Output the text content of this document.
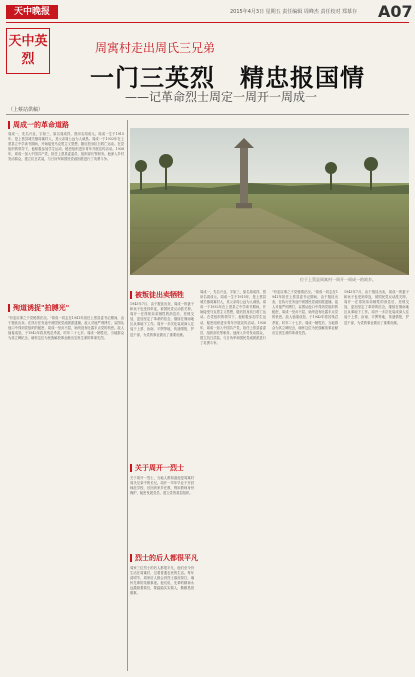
天中晚报	2015年4月3日 星期五 责任编辑 周峰杰 责任校对 郑慕存 A07
天中英烈
周寓村走出周氏三兄弟
一门三英烈　精忠报国情
——记革命烈士周定一周开一周成一
（上蔡站供稿）
周成一的革命道路
周成一，先名兴业，字如三，原名周成祥，曾用名周成元。周成一生于1915年，是上蔡县城关镇周寓村人，其父亲周公远为人诚恳。周成一于1932年在上蔡县立中学读书期间，开始接受马克思主义思想，随后投身抗日救亡运动。在党组织的领导下，他积极参加学生运动，秘密组织进步青年开展宣传活动。1938年，周成一加入中国共产党，担任上蔡县委委员、组织部长等职务。他深入乡村发动群众，建立抗日武装，与日伪军和国民党顽固派进行了英勇斗争。
殉道诱捉"拍膊光"
"有忠臣事之于党秘情法况。"周成一同志在1941年担任上蔡县委书记期间，由于叛徒出卖，在执行任务途中被国民党顽固派逮捕。敌人对他严刑拷打，妄图从他口中得到党组织的秘密，周成一坚贞不屈，始终没有吐露半点党的机密。敌人恼羞成怒，于1942年将其残忍杀害，时年二十七岁。周成一牺牲后，当地群众为其立碑纪念，缅怀这位为民族解放事业献出宝贵生命的革命先烈。
位于上蔡县周寓村一周开一周成一的故乡。
被叛徒出卖牺牲
1943年7月，由于叛徒出卖，周成一的妻子和孩子也受到牵连，被国民党反动派关押。周开一在得知弟弟牺牲的消息后，悲愤交加，更加坚定了革命的信念，继续在豫南地区从事地下工作。周开一多次化装成商人往返于上蔡、汝南、平舆等地，传递情报，护送干部，为党的事业做出了重要贡献。
关于周开一烈士
关于周开一烈士，当地人都知道他是周寓村周氏兄弟中的长兄。周开一早年毕业于开封师范学校，后回到家乡任教，利用教师身份掩护，秘密发展党员，建立党的基层组织。
烈士的后人都很平凡
周家三位烈士的后人都很平凡，他们至今仍生活在周寓村，过着普通农民的生活。每年清明节，周家后人都会到烈士墓前祭扫，缅怀先辈的英雄事迹。他们说，先辈的精神永远激励着我们，要踏踏实实做人，勤勤恳恳做事。
周成一，先名兴业，字如三，原名周成祥，曾用名周成元。周成一生于1915年，是上蔡县城关镇周寓村人，其父亲周公远为人诚恳。周成一于1932年在上蔡县立中学读书期间，开始接受马克思主义思想，随后投身抗日救亡运动。在党组织的领导下，他积极参加学生运动，秘密组织进步青年开展宣传活动。1938年，周成一加入中国共产党，担任上蔡县委委员、组织部长等职务。他深入乡村发动群众，建立抗日武装，与日伪军和国民党顽固派进行了英勇斗争。
"有忠臣事之于党秘情法况。"周成一同志在1941年担任上蔡县委书记期间，由于叛徒出卖，在执行任务途中被国民党顽固派逮捕。敌人对他严刑拷打，妄图从他口中得到党组织的秘密，周成一坚贞不屈，始终没有吐露半点党的机密。敌人恼羞成怒，于1942年将其残忍杀害，时年二十七岁。周成一牺牲后，当地群众为其立碑纪念，缅怀这位为民族解放事业献出宝贵生命的革命先烈。
1943年7月，由于叛徒出卖，周成一的妻子和孩子也受到牵连，被国民党反动派关押。周开一在得知弟弟牺牲的消息后，悲愤交加，更加坚定了革命的信念，继续在豫南地区从事地下工作。周开一多次化装成商人往返于上蔡、汝南、平舆等地，传递情报，护送干部，为党的事业做出了重要贡献。
